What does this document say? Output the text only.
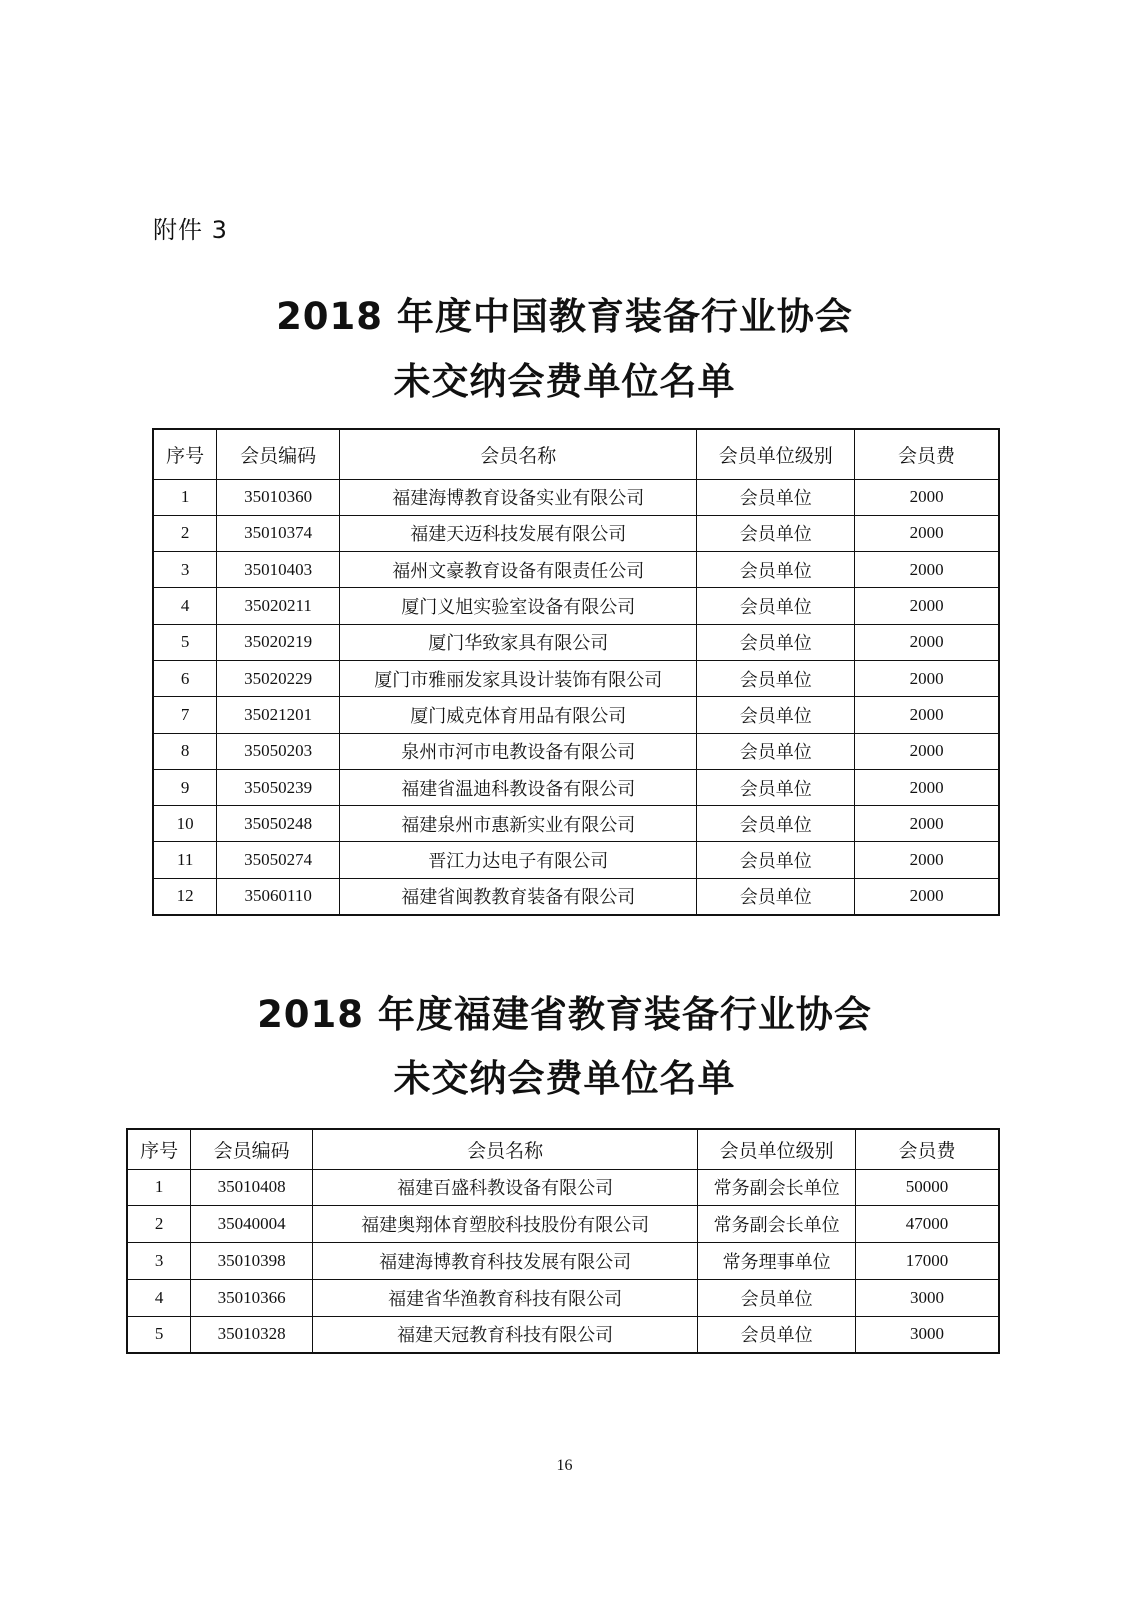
附件 3
2018 年度中国教育装备行业协会
未交纳会费单位名单
序号	会员编码	会员名称	会员单位级别	会员费
1	35010360	福建海博教育设备实业有限公司	会员单位	2000
2	35010374	福建天迈科技发展有限公司	会员单位	2000
3	35010403	福州文豪教育设备有限责任公司	会员单位	2000
4	35020211	厦门义旭实验室设备有限公司	会员单位	2000
5	35020219	厦门华致家具有限公司	会员单位	2000
6	35020229	厦门市雅丽发家具设计装饰有限公司	会员单位	2000
7	35021201	厦门威克体育用品有限公司	会员单位	2000
8	35050203	泉州市河市电教设备有限公司	会员单位	2000
9	35050239	福建省温迪科教设备有限公司	会员单位	2000
10	35050248	福建泉州市惠新实业有限公司	会员单位	2000
11	35050274	晋江力达电子有限公司	会员单位	2000
12	35060110	福建省闽教教育装备有限公司	会员单位	2000
2018 年度福建省教育装备行业协会
未交纳会费单位名单
序号	会员编码	会员名称	会员单位级别	会员费
1	35010408	福建百盛科教设备有限公司	常务副会长单位	50000
2	35040004	福建奥翔体育塑胶科技股份有限公司	常务副会长单位	47000
3	35010398	福建海博教育科技发展有限公司	常务理事单位	17000
4	35010366	福建省华渔教育科技有限公司	会员单位	3000
5	35010328	福建天冠教育科技有限公司	会员单位	3000
16
